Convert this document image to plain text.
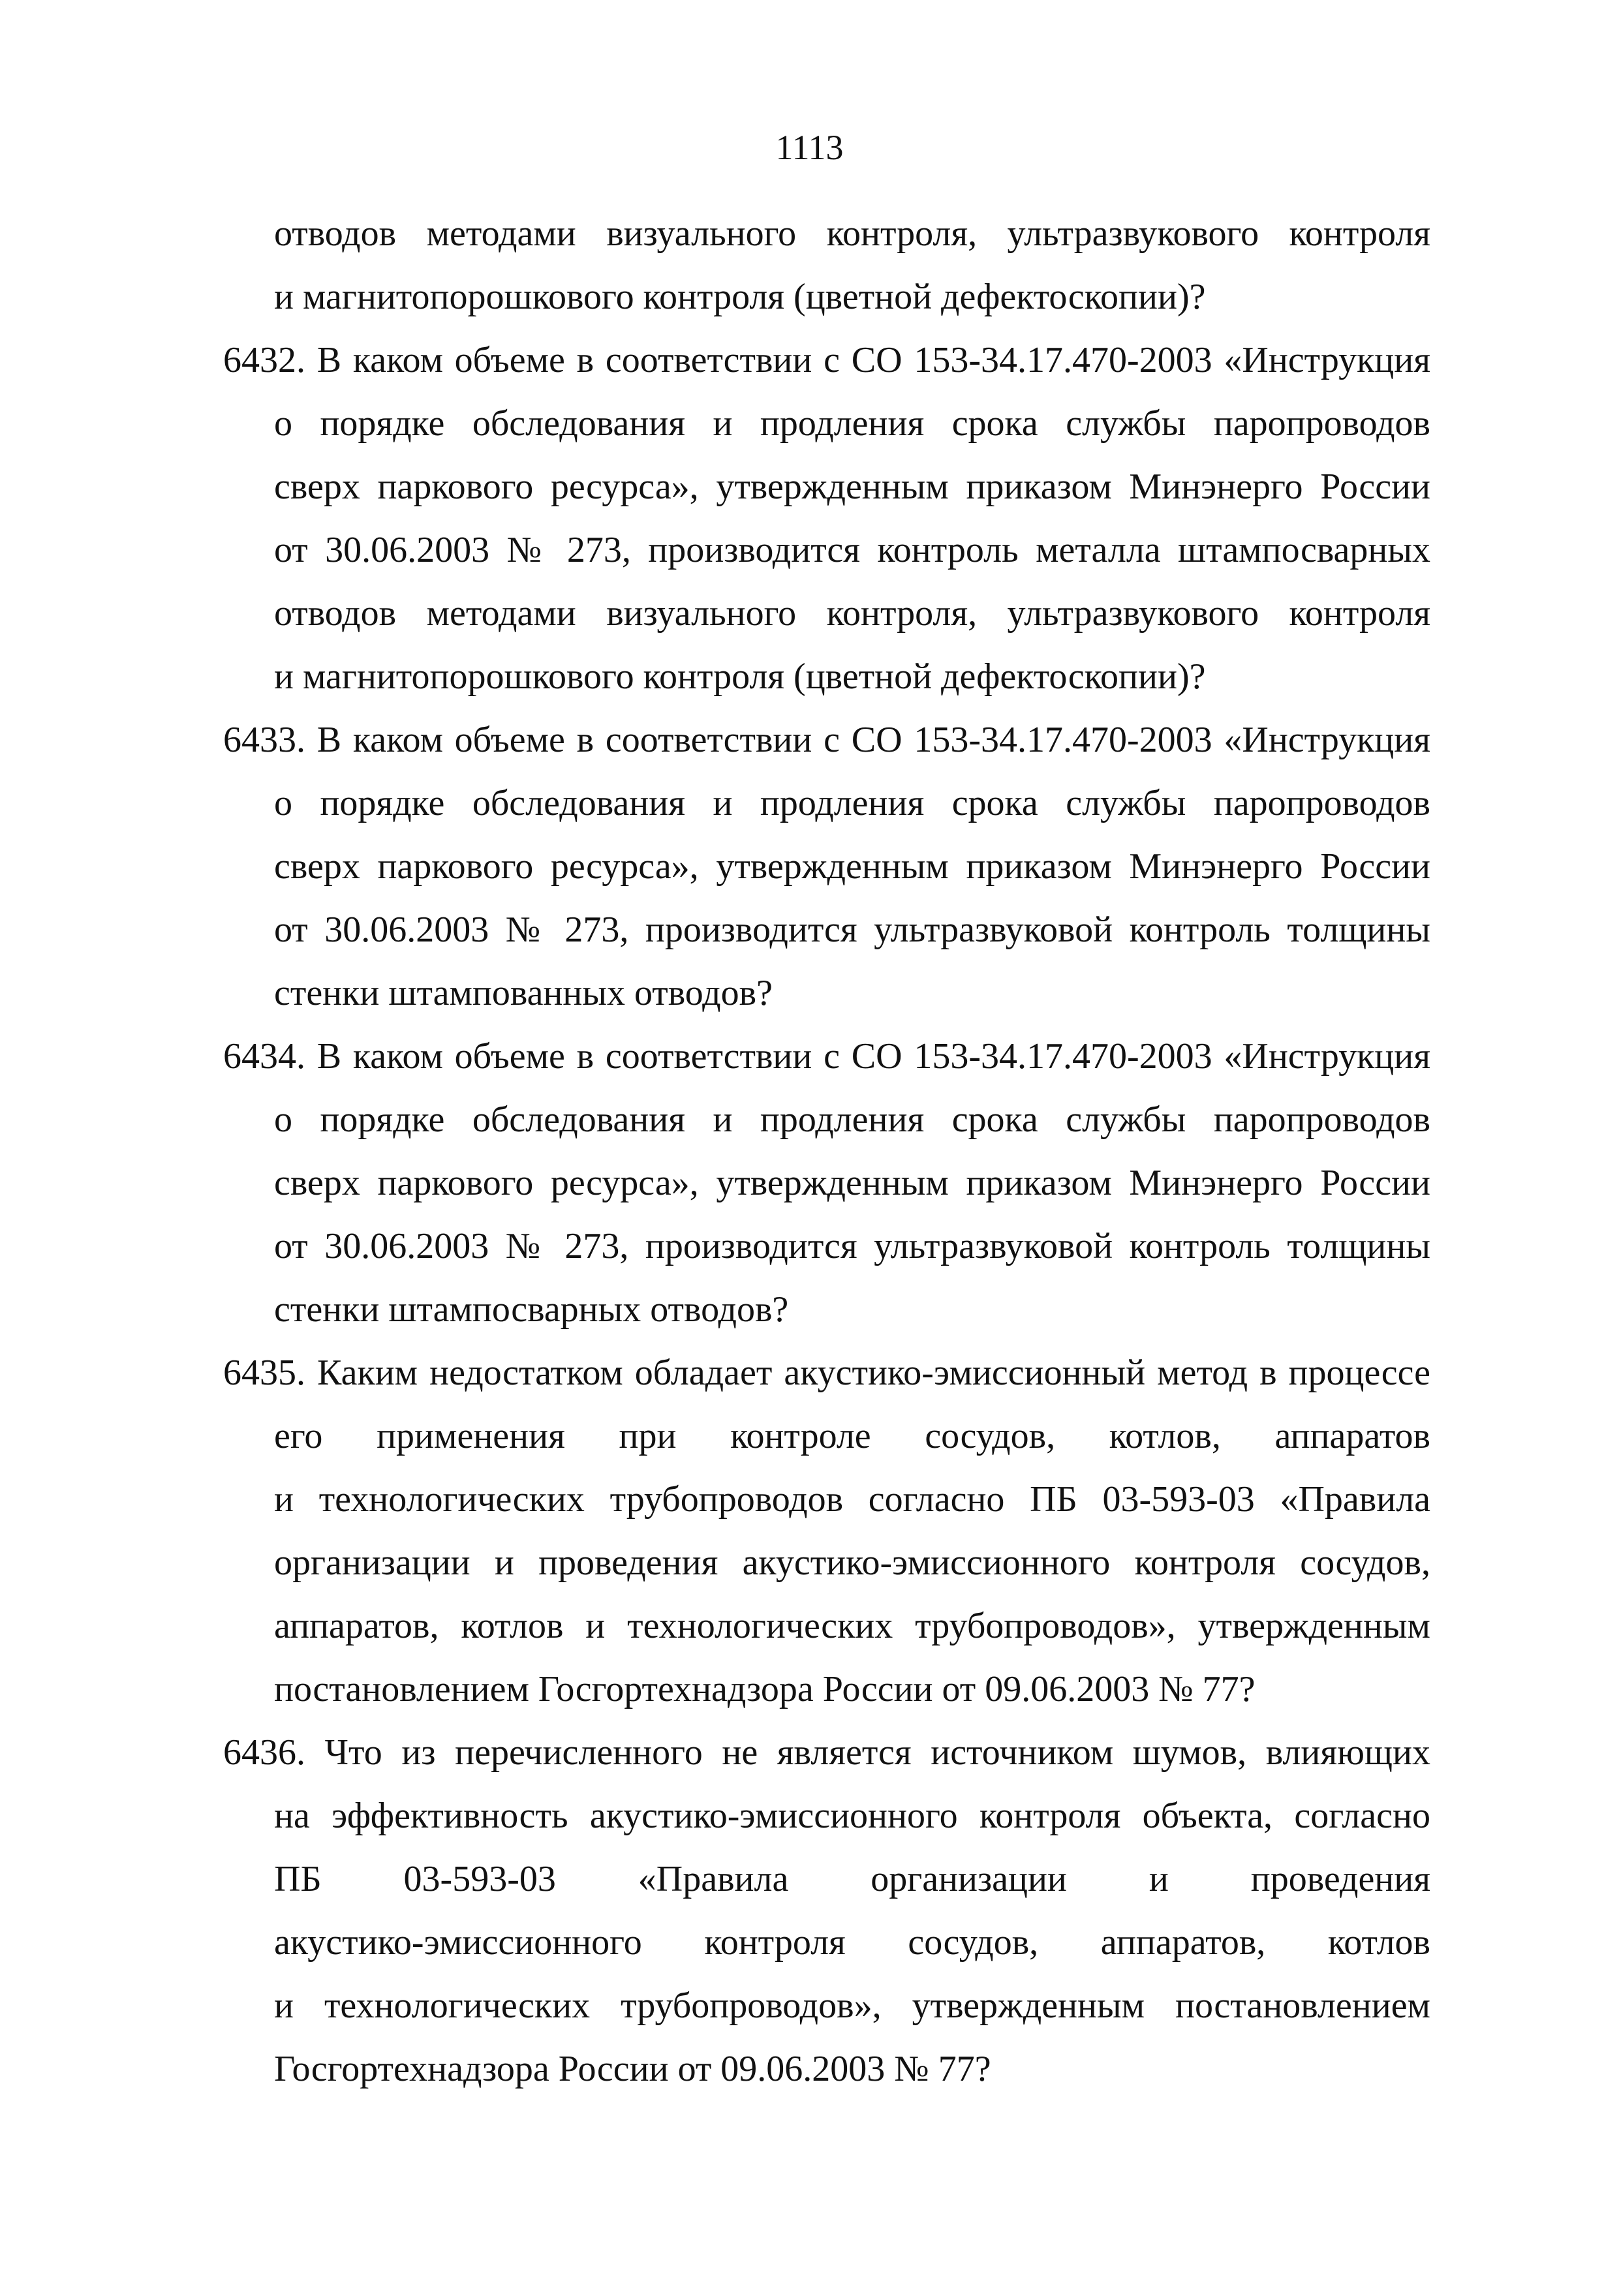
1113
отводов методами визуального контроля, ультразвукового контроля
и магнитопорошкового контроля (цветной дефектоскопии)?
6432. В каком объеме в соответствии с СО 153-34.17.470-2003 «Инструкция
о порядке обследования и продления срока службы паропроводов
сверх паркового ресурса», утвержденным приказом Минэнерго России
от 30.06.2003 № 273, производится контроль металла штампосварных
отводов методами визуального контроля, ультразвукового контроля
и магнитопорошкового контроля (цветной дефектоскопии)?
6433. В каком объеме в соответствии с СО 153-34.17.470-2003 «Инструкция
о порядке обследования и продления срока службы паропроводов
сверх паркового ресурса», утвержденным приказом Минэнерго России
от 30.06.2003 № 273, производится ультразвуковой контроль толщины
стенки штампованных отводов?
6434. В каком объеме в соответствии с СО 153-34.17.470-2003 «Инструкция
о порядке обследования и продления срока службы паропроводов
сверх паркового ресурса», утвержденным приказом Минэнерго России
от 30.06.2003 № 273, производится ультразвуковой контроль толщины
стенки штампосварных отводов?
6435. Каким недостатком обладает акустико-эмиссионный метод в процессе
его применения при контроле сосудов, котлов, аппаратов
и технологических трубопроводов согласно ПБ 03-593-03 «Правила
организации и проведения акустико-эмиссионного контроля сосудов,
аппаратов, котлов и технологических трубопроводов», утвержденным
постановлением Госгортехнадзора России от 09.06.2003 № 77?
6436. Что из перечисленного не является источником шумов, влияющих
на эффективность акустико-эмиссионного контроля объекта, согласно
ПБ 03-593-03 «Правила организации и проведения
акустико-эмиссионного контроля сосудов, аппаратов, котлов
и технологических трубопроводов», утвержденным постановлением
Госгортехнадзора России от 09.06.2003 № 77?
